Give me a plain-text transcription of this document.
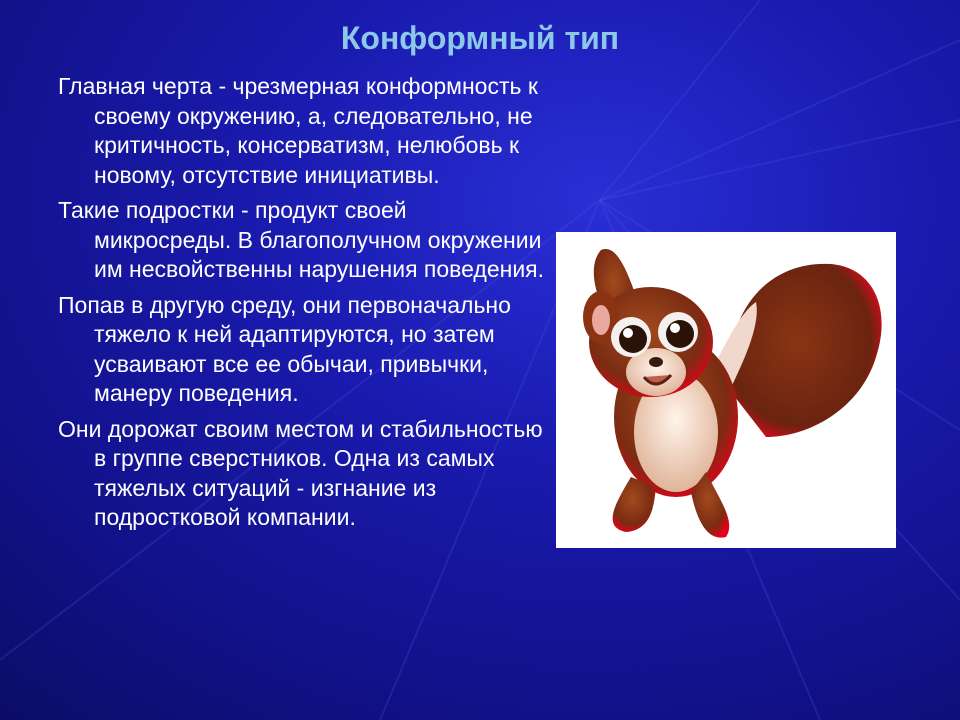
Конформный тип

Главная черта - чрезмерная конформность к своему окружению, а, следовательно, не критичность, консерватизм, нелюбовь к новому, отсутствие инициативы.

Такие подростки - продукт своей микросреды. В благополучном окружении им несвойственны нарушения поведения.

Попав в другую среду, они первоначально тяжело к ней адаптируются, но затем усваивают все ее обычаи, привычки, манеру поведения.

Они дорожат своим местом и стабильностью в группе сверстников. Одна из самых тяжелых ситуаций - изгнание из подростковой компании.
